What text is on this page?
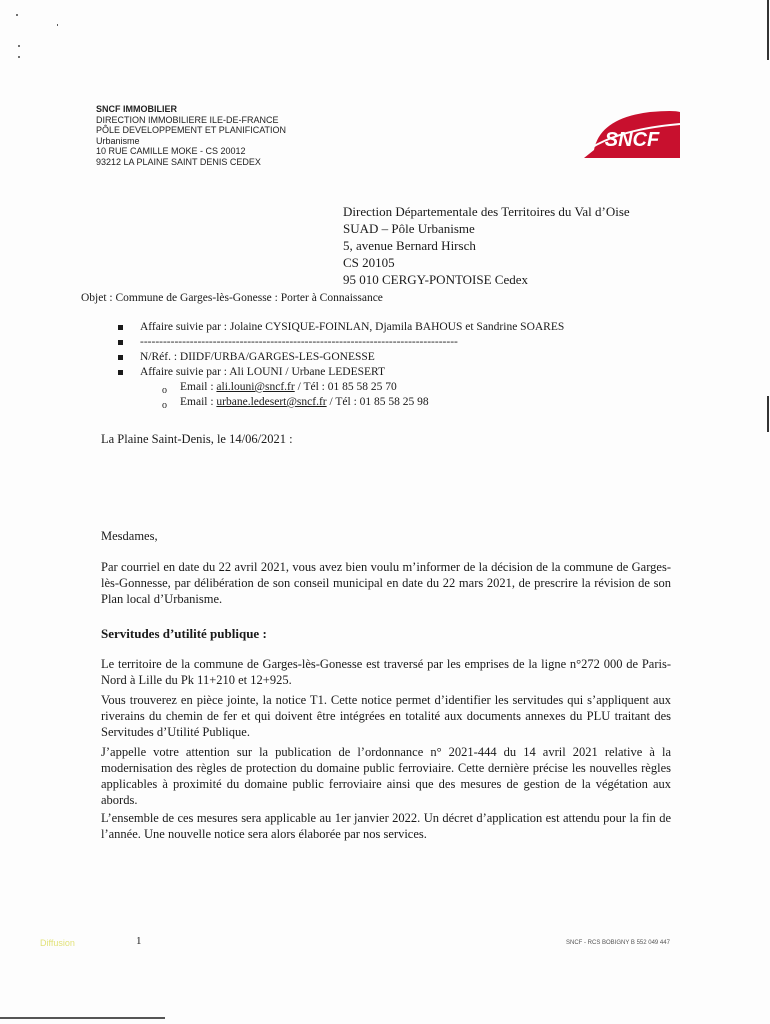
SNCF IMMOBILIER
DIRECTION IMMOBILIERE ILE-DE-FRANCE
PÔLE DEVELOPPEMENT ET PLANIFICATION
Urbanisme
10 RUE CAMILLE MOKE - CS 20012
93212 LA PLAINE SAINT DENIS CEDEX
SNCF
Direction Départementale des Territoires du Val d’Oise
SUAD – Pôle Urbanisme
5, avenue Bernard Hirsch
CS 20105
95 010 CERGY-PONTOISE Cedex
Objet : Commune de Garges-lès-Gonesse : Porter à Connaissance
Affaire suivie par : Jolaine CYSIQUE-FOINLAN, Djamila BAHOUS et Sandrine SOARES
-----------------------------------------------------------------------------------
N/Réf. : DIIDF/URBA/GARGES-LES-GONESSE
Affaire suivie par : Ali LOUNI / Urbane LEDESERT
o Email : ali.louni@sncf.fr / Tél : 01 85 58 25 70
o Email : urbane.ledesert@sncf.fr / Tél : 01 85 58 25 98
La Plaine Saint-Denis, le 14/06/2021 :
Mesdames,
Par courriel en date du 22 avril 2021, vous avez bien voulu m’informer de la décision de la commune de Garges-lès-Gonnesse, par délibération de son conseil municipal en date du 22 mars 2021, de prescrire la révision de son Plan local d’Urbanisme.
Servitudes d’utilité publique :
Le territoire de la commune de Garges-lès-Gonesse est traversé par les emprises de la ligne n°272 000 de Paris-Nord à Lille du Pk 11+210 et 12+925.
Vous trouverez en pièce jointe, la notice T1. Cette notice permet d’identifier les servitudes qui s’appliquent aux riverains du chemin de fer et qui doivent être intégrées en totalité aux documents annexes du PLU traitant des Servitudes d’Utilité Publique.
J’appelle votre attention sur la publication de l’ordonnance n° 2021-444 du 14 avril 2021 relative à la modernisation des règles de protection du domaine public ferroviaire. Cette dernière précise les nouvelles règles applicables à proximité du domaine public ferroviaire ainsi que des mesures de gestion de la végétation aux abords.
L’ensemble de ces mesures sera applicable au 1er janvier 2022. Un décret d’application est attendu pour la fin de l’année. Une nouvelle notice sera alors élaborée par nos services.
Diffusion	1	SNCF - RCS BOBIGNY B 552 049 447
